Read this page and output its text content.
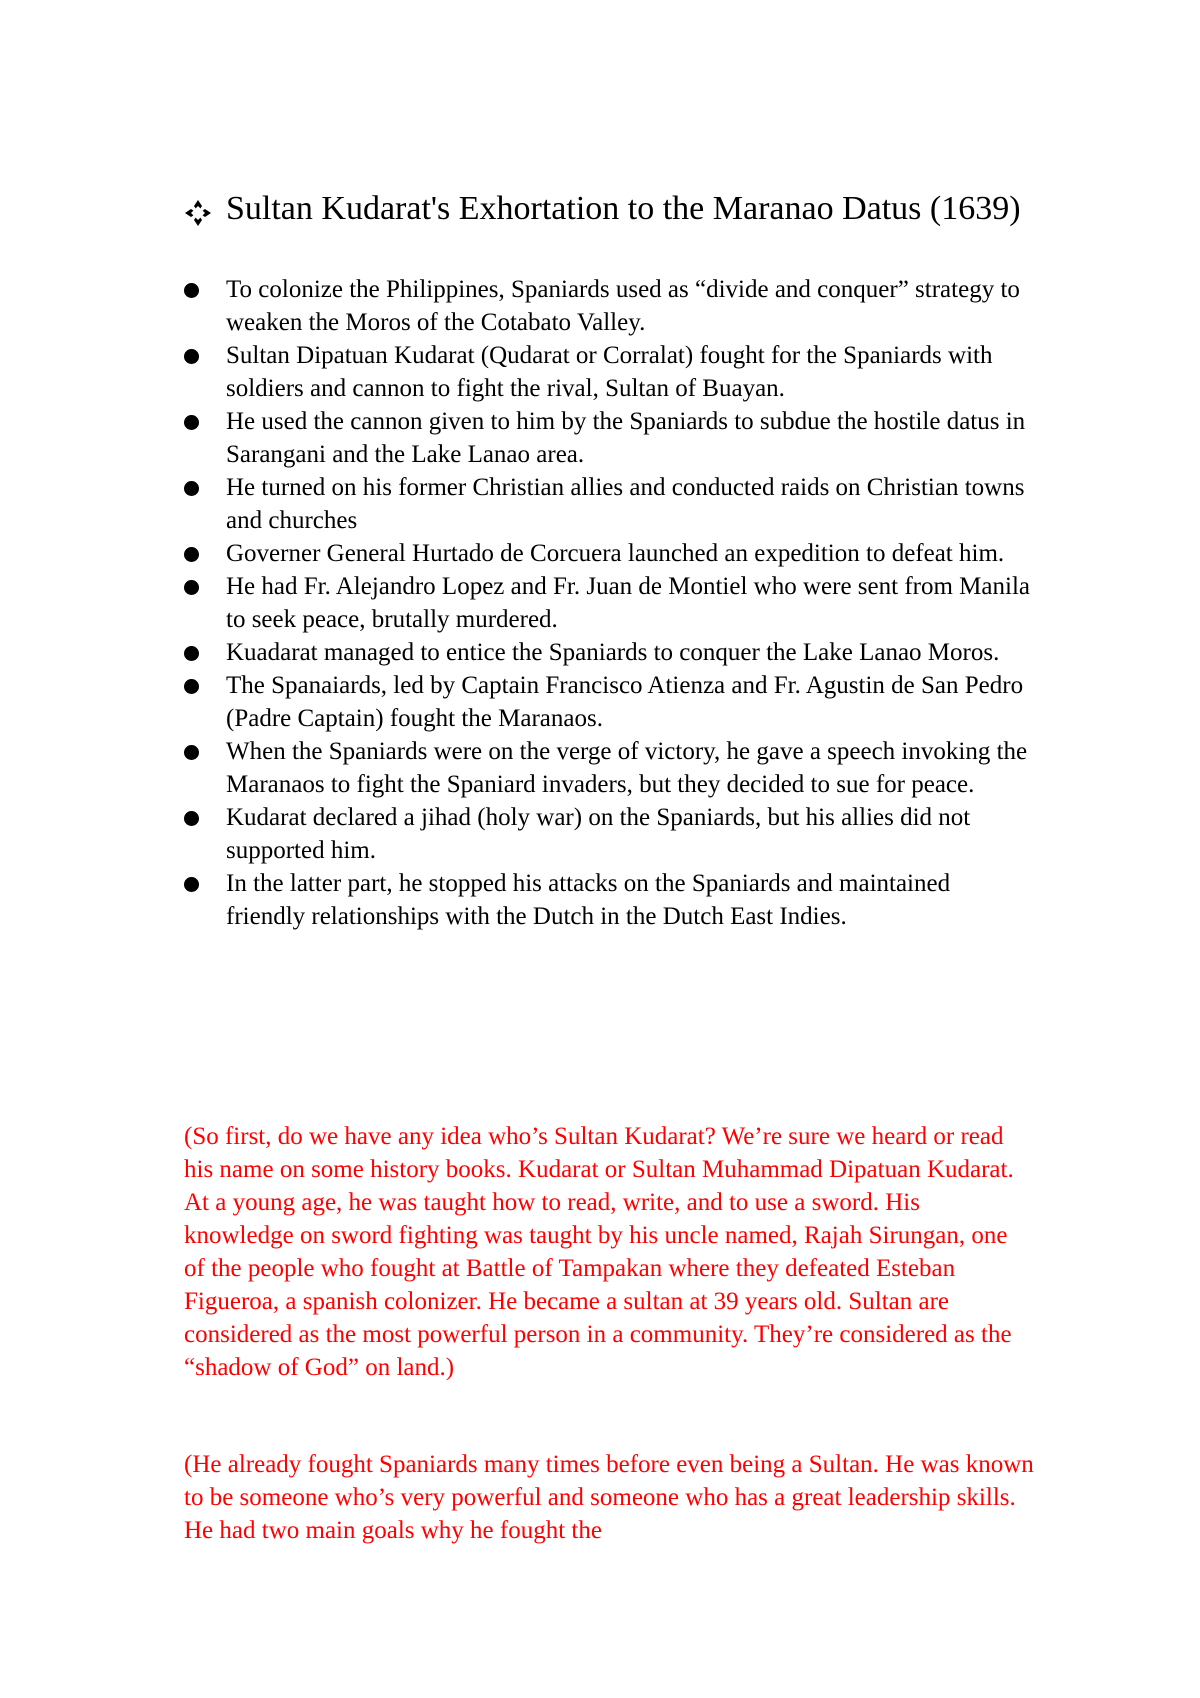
Sultan Kudarat's Exhortation to the Maranao Datus (1639)
To colonize the Philippines, Spaniards used as “divide and conquer” strategy to weaken the Moros of the Cotabato Valley.
Sultan Dipatuan Kudarat (Qudarat or Corralat) fought for the Spaniards with soldiers and cannon to fight the rival, Sultan of Buayan.
He used the cannon given to him by the Spaniards to subdue the hostile datus in Sarangani and the Lake Lanao area.
He turned on his former Christian allies and conducted raids on Christian towns and churches
Governer General Hurtado de Corcuera launched an expedition to defeat him.
He had Fr. Alejandro Lopez and Fr. Juan de Montiel who were sent from Manila to seek peace, brutally murdered.
Kuadarat managed to entice the Spaniards to conquer the Lake Lanao Moros.
The Spanaiards, led by Captain Francisco Atienza and Fr. Agustin de San Pedro (Padre Captain) fought the Maranaos.
When the Spaniards were on the verge of victory, he gave a speech invoking the Maranaos to fight the Spaniard invaders, but they decided to sue for peace.
Kudarat declared a jihad (holy war) on the Spaniards, but his allies did not supported him.
In the latter part, he stopped his attacks on the Spaniards and maintained friendly relationships with the Dutch in the Dutch East Indies.

(So first, do we have any idea who’s Sultan Kudarat? We’re sure we heard or read his name on some history books. Kudarat or Sultan Muhammad Dipatuan Kudarat. At a young age, he was taught how to read, write, and to use a sword. His knowledge on sword fighting was taught by his uncle named, Rajah Sirungan, one of the people who fought at Battle of Tampakan where they defeated Esteban Figueroa, a spanish colonizer. He became a sultan at 39 years old. Sultan are considered as the most powerful person in a community. They’re considered as the “shadow of God” on land.)

(He already fought Spaniards many times before even being a Sultan. He was known to be someone who’s very powerful and someone who has a great leadership skills. He had two main goals why he fought the
